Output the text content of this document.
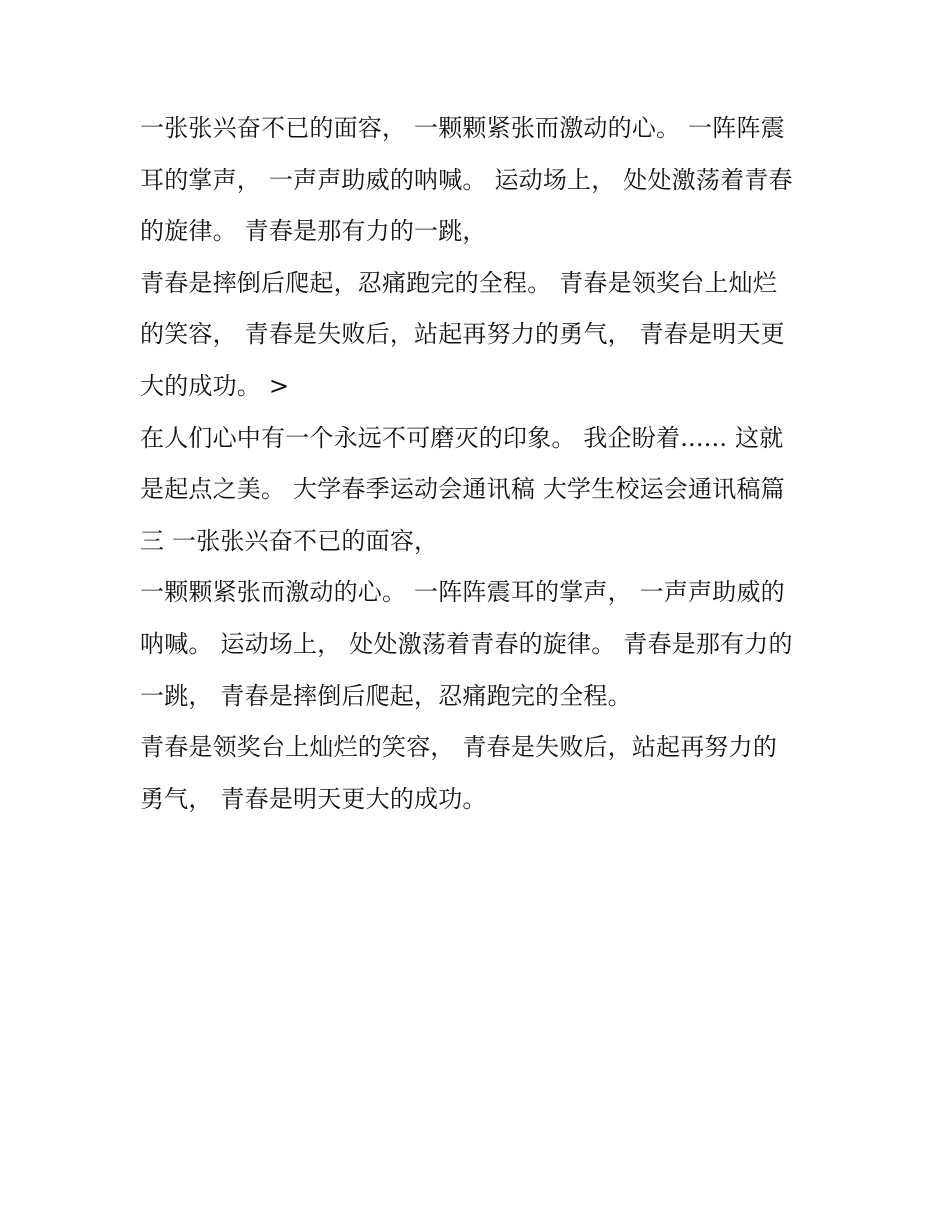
一张张兴奋不已的面容， 一颗颗紧张而激动的心。 一阵阵震
耳的掌声， 一声声助威的呐喊。 运动场上， 处处激荡着青春
的旋律。 青春是那有力的一跳，
青春是摔倒后爬起，忍痛跑完的全程。 青春是领奖台上灿烂
的笑容， 青春是失败后，站起再努力的勇气， 青春是明天更
大的成功。 >
在人们心中有一个永远不可磨灭的印象。 我企盼着...... 这就
是起点之美。 大学春季运动会通讯稿 大学生校运会通讯稿篇
三 一张张兴奋不已的面容，
一颗颗紧张而激动的心。 一阵阵震耳的掌声， 一声声助威的
呐喊。 运动场上， 处处激荡着青春的旋律。 青春是那有力的
一跳， 青春是摔倒后爬起，忍痛跑完的全程。
青春是领奖台上灿烂的笑容， 青春是失败后，站起再努力的
勇气， 青春是明天更大的成功。
